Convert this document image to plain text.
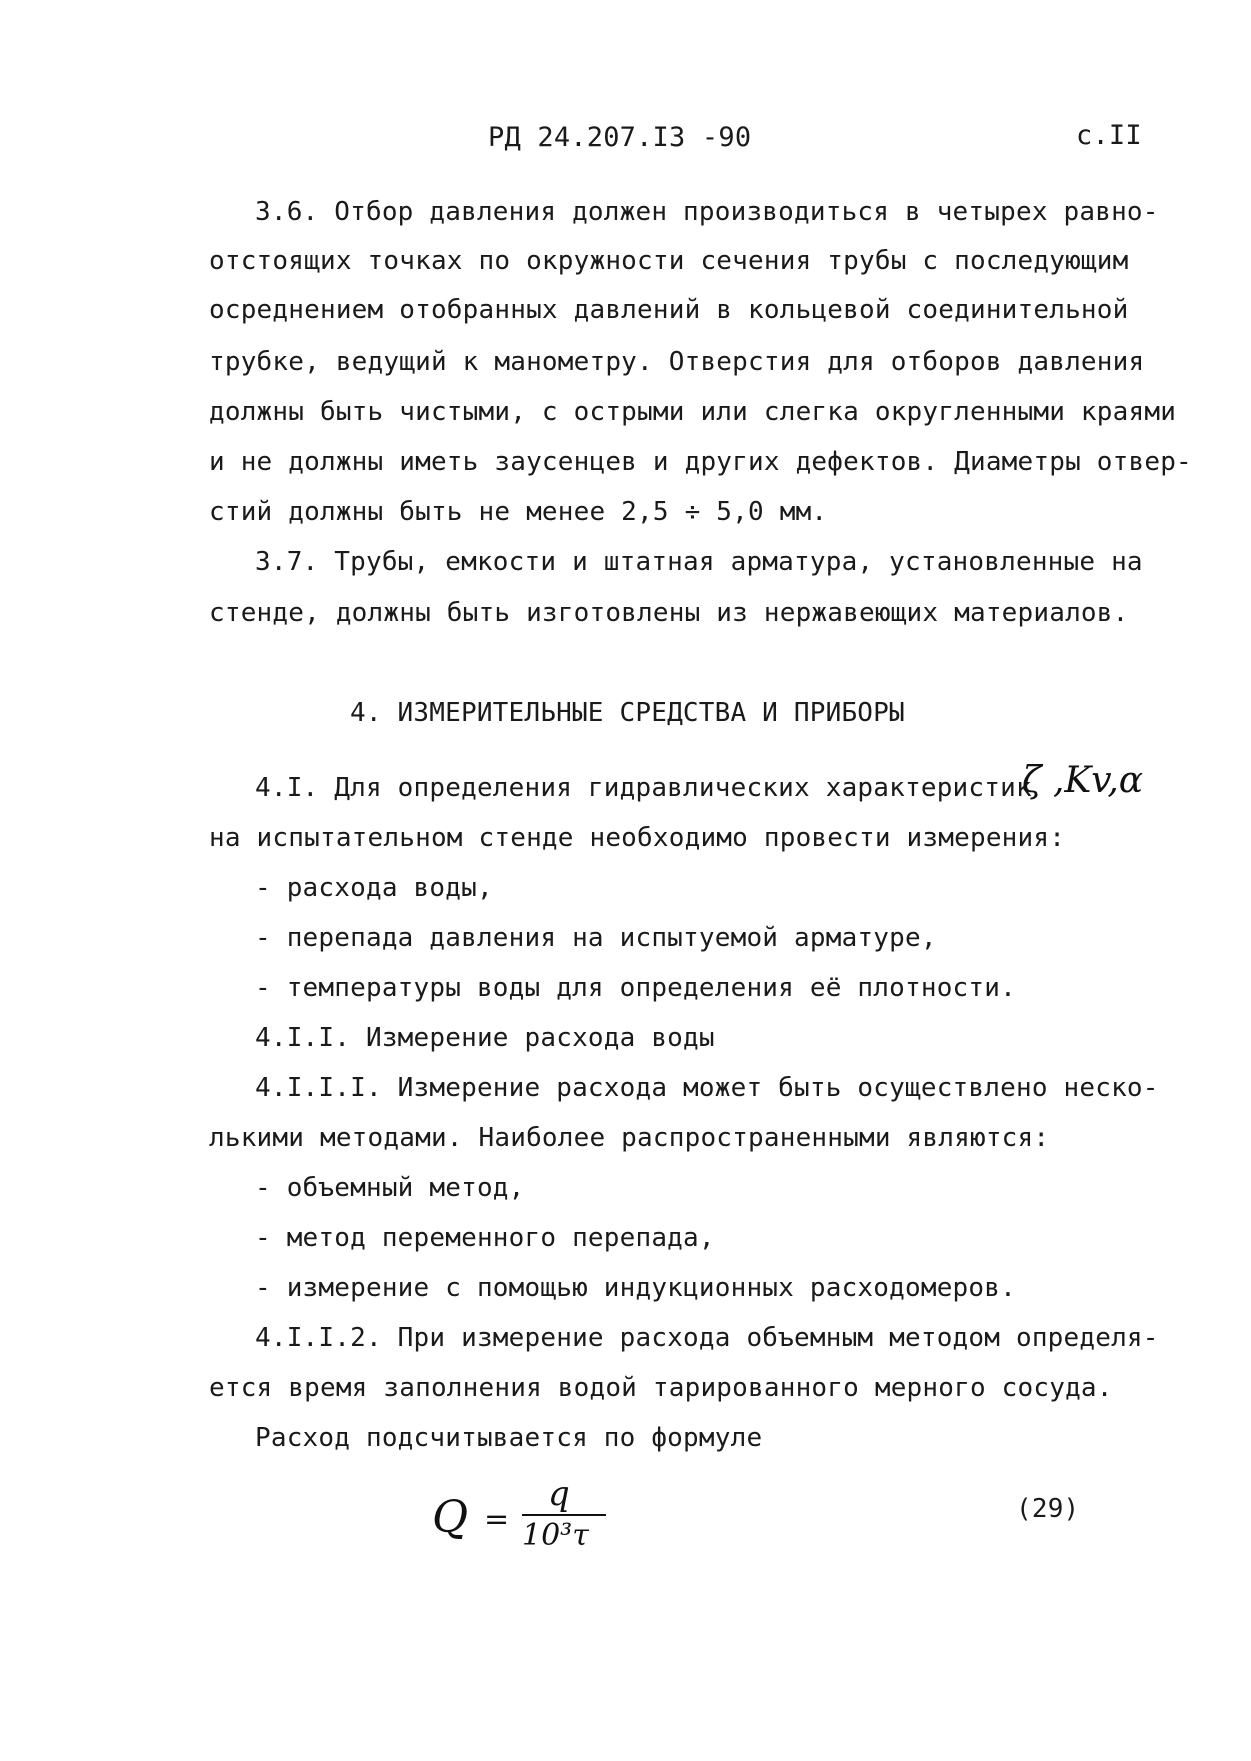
РД 24.207.I3 -90	с.II
3.6. Отбор давления должен производиться в четырех равно-
отстоящих точках по окружности сечения трубы с последующим
осреднением отобранных давлений в кольцевой соединительной
трубке, ведущий к манометру. Отверстия для отборов давления
должны быть чистыми, с острыми или слегка округленными краями
и не должны иметь заусенцев и других дефектов. Диаметры отвер-
стий должны быть не менее 2,5 ÷ 5,0 мм.
3.7. Трубы, емкости и штатная арматура, установленные на
стенде, должны быть изготовлены из нержавеющих материалов.
4. ИЗМЕРИТЕЛЬНЫЕ СРЕДСТВА И ПРИБОРЫ
4.I. Для определения гидравлических характеристик
ζ ,Kv,α
на испытательном стенде необходимо провести измерения:
- расхода воды,
- перепада давления на испытуемой арматуре,
- температуры воды для определения её плотности.
4.I.I. Измерение расхода воды
4.I.I.I. Измерение расхода может быть осуществлено неско-
лькими методами. Наиболее распространенными являются:
- объемный метод,
- метод переменного перепада,
- измерение с помощью индукционных расходомеров.
4.I.I.2. При измерение расхода объемным методом определя-
ется время заполнения водой тарированного мерного сосуда.
Расход подсчитывается по формуле
Q =
q
10³τ
(29)
